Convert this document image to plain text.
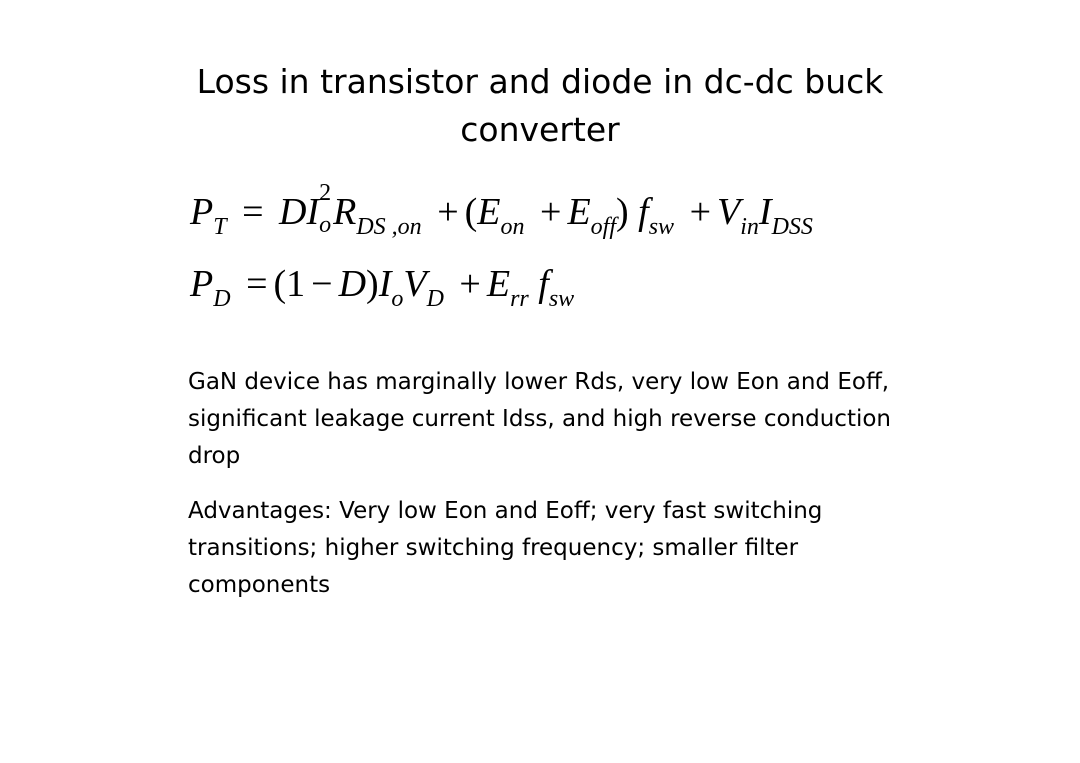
Loss in transistor and diode in dc-dc buck converter
$P_T$ = DI 2
o $R_{DS ,on} + (E_{on} + E_{off}) f_{sw} + V_{in}I_{DSS}$
$P_D = (1 - D)I_oV_D + E_{rr}$ $f_{sw}$

GaN device has marginally lower Rds, very low Eon and Eoff, significant leakage current Idss, and high reverse conduction drop

Advantages: Very low Eon and Eoff; very fast switching transitions; higher switching frequency; smaller filter components
